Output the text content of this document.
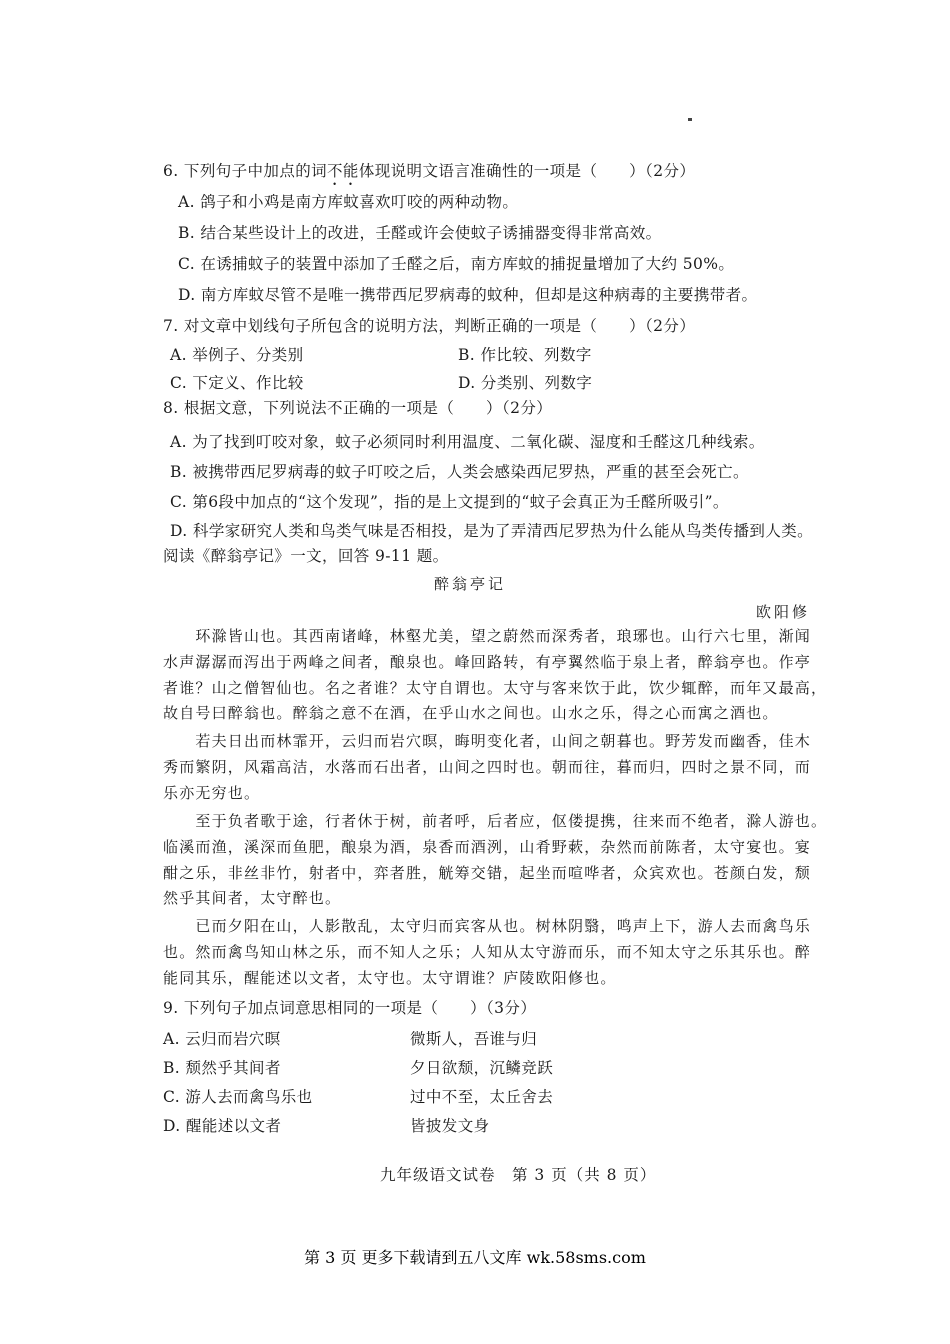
6. 下列句子中加点的词不能体现说明文语言准确性的一项是（　　）（2分）
A. 鸽子和小鸡是南方库蚊喜欢叮咬的两种动物。
B. 结合某些设计上的改进，壬醛或许会使蚊子诱捕器变得非常高效。
C. 在诱捕蚊子的装置中添加了壬醛之后，南方库蚊的捕捉量增加了大约 50%。
D. 南方库蚊尽管不是唯一携带西尼罗病毒的蚊种，但却是这种病毒的主要携带者。
7. 对文章中划线句子所包含的说明方法，判断正确的一项是（　　）（2分）
A. 举例子、分类别	B. 作比较、列数字
C. 下定义、作比较	D. 分类别、列数字
8. 根据文意，下列说法不正确的一项是（　　）（2分）
A. 为了找到叮咬对象，蚊子必须同时利用温度、二氧化碳、湿度和壬醛这几种线索。
B. 被携带西尼罗病毒的蚊子叮咬之后，人类会感染西尼罗热，严重的甚至会死亡。
C. 第6段中加点的“这个发现”，指的是上文提到的“蚊子会真正为壬醛所吸引”。
D. 科学家研究人类和鸟类气味是否相投，是为了弄清西尼罗热为什么能从鸟类传播到人类。
阅读《醉翁亭记》一文，回答 9-11 题。
醉翁亭记
欧阳修
　　环滁皆山也。其西南诸峰，林壑尤美，望之蔚然而深秀者，琅琊也。山行六七里，渐闻
水声潺潺而泻出于两峰之间者，酿泉也。峰回路转，有亭翼然临于泉上者，醉翁亭也。作亭
者谁？山之僧智仙也。名之者谁？太守自谓也。太守与客来饮于此，饮少辄醉，而年又最高，
故自号曰醉翁也。醉翁之意不在酒，在乎山水之间也。山水之乐，得之心而寓之酒也。
　　若夫日出而林霏开，云归而岩穴暝，晦明变化者，山间之朝暮也。野芳发而幽香，佳木
秀而繁阴，风霜高洁，水落而石出者，山间之四时也。朝而往，暮而归，四时之景不同，而
乐亦无穷也。
　　至于负者歌于途，行者休于树，前者呼，后者应，伛偻提携，往来而不绝者，滁人游也。
临溪而渔，溪深而鱼肥，酿泉为酒，泉香而酒洌，山肴野蔌，杂然而前陈者，太守宴也。宴
酣之乐，非丝非竹，射者中，弈者胜，觥筹交错，起坐而喧哗者，众宾欢也。苍颜白发，颓
然乎其间者，太守醉也。
　　已而夕阳在山，人影散乱，太守归而宾客从也。树林阴翳，鸣声上下，游人去而禽鸟乐
也。然而禽鸟知山林之乐，而不知人之乐；人知从太守游而乐，而不知太守之乐其乐也。醉
能同其乐，醒能述以文者，太守也。太守谓谁？庐陵欧阳修也。
9. 下列句子加点词意思相同的一项是（　　）（3分）
A. 云归而岩穴暝	微斯人，吾谁与归
B. 颓然乎其间者	夕日欲颓，沉鳞竞跃
C. 游人去而禽鸟乐也	过中不至，太丘舍去
D. 醒能述以文者	皆披发文身
九年级语文试卷　第 3 页（共 8 页）
第 3 页 更多下载请到五八文库 wk.58sms.com
